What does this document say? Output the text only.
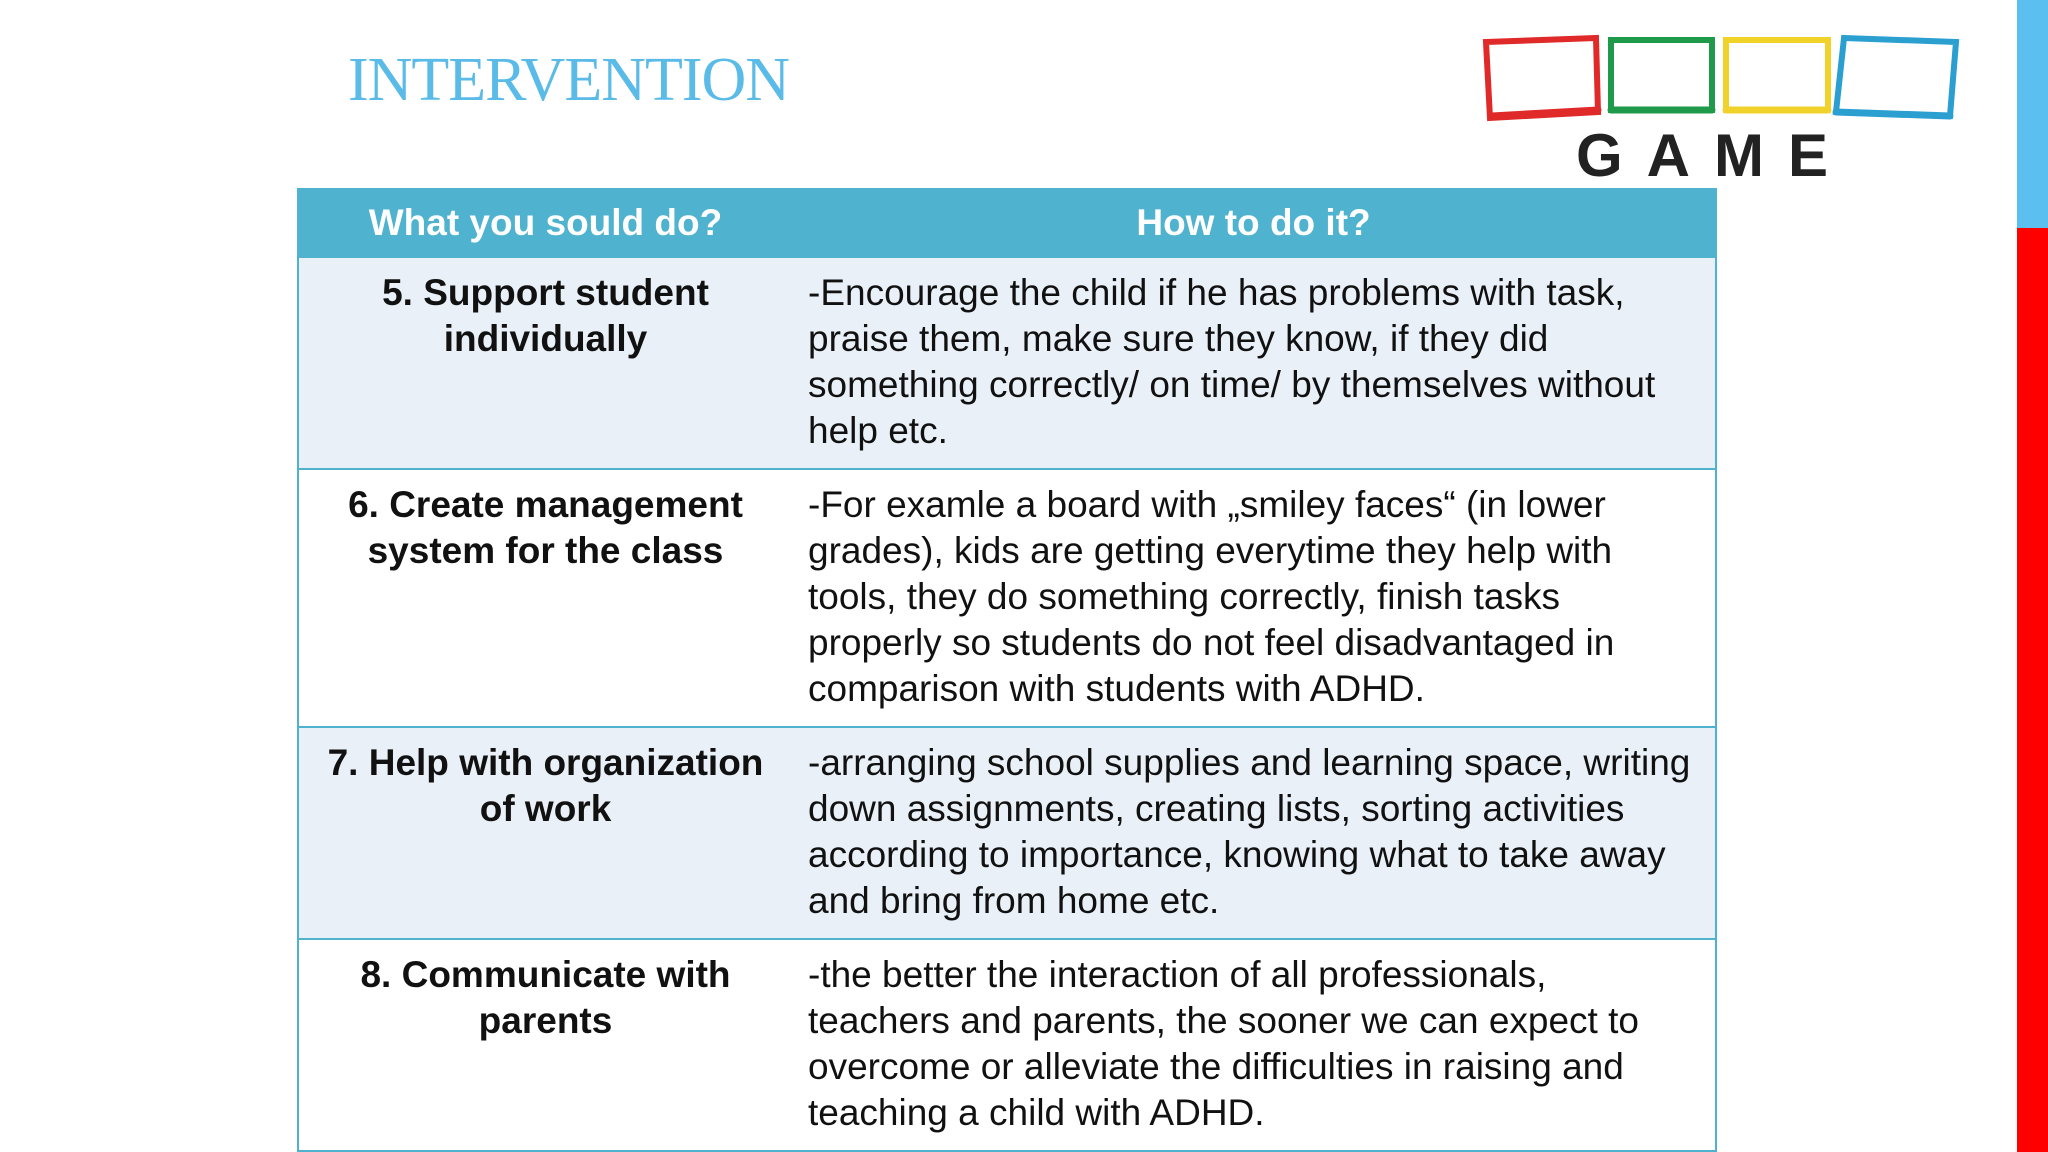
INTERVENTION
GAME
What you sould do?	How to do it?
5. Support student individually	-Encourage the child if he has problems with task, praise them, make sure they know, if they did something correctly/ on time/ by themselves without help etc.
6. Create management system for the class	-For examle a board with „smiley faces“ (in lower grades), kids are getting everytime they help with tools, they do something correctly, finish tasks properly so students do not feel disadvantaged in comparison with students with ADHD.
7. Help with organization of work	-arranging school supplies and learning space, writing down assignments, creating lists, sorting activities according to importance, knowing what to take away and bring from home etc.
8. Communicate with parents	-the better the interaction of all professionals, teachers and parents, the sooner we can expect to overcome or alleviate the difficulties in raising and teaching a child with ADHD.
